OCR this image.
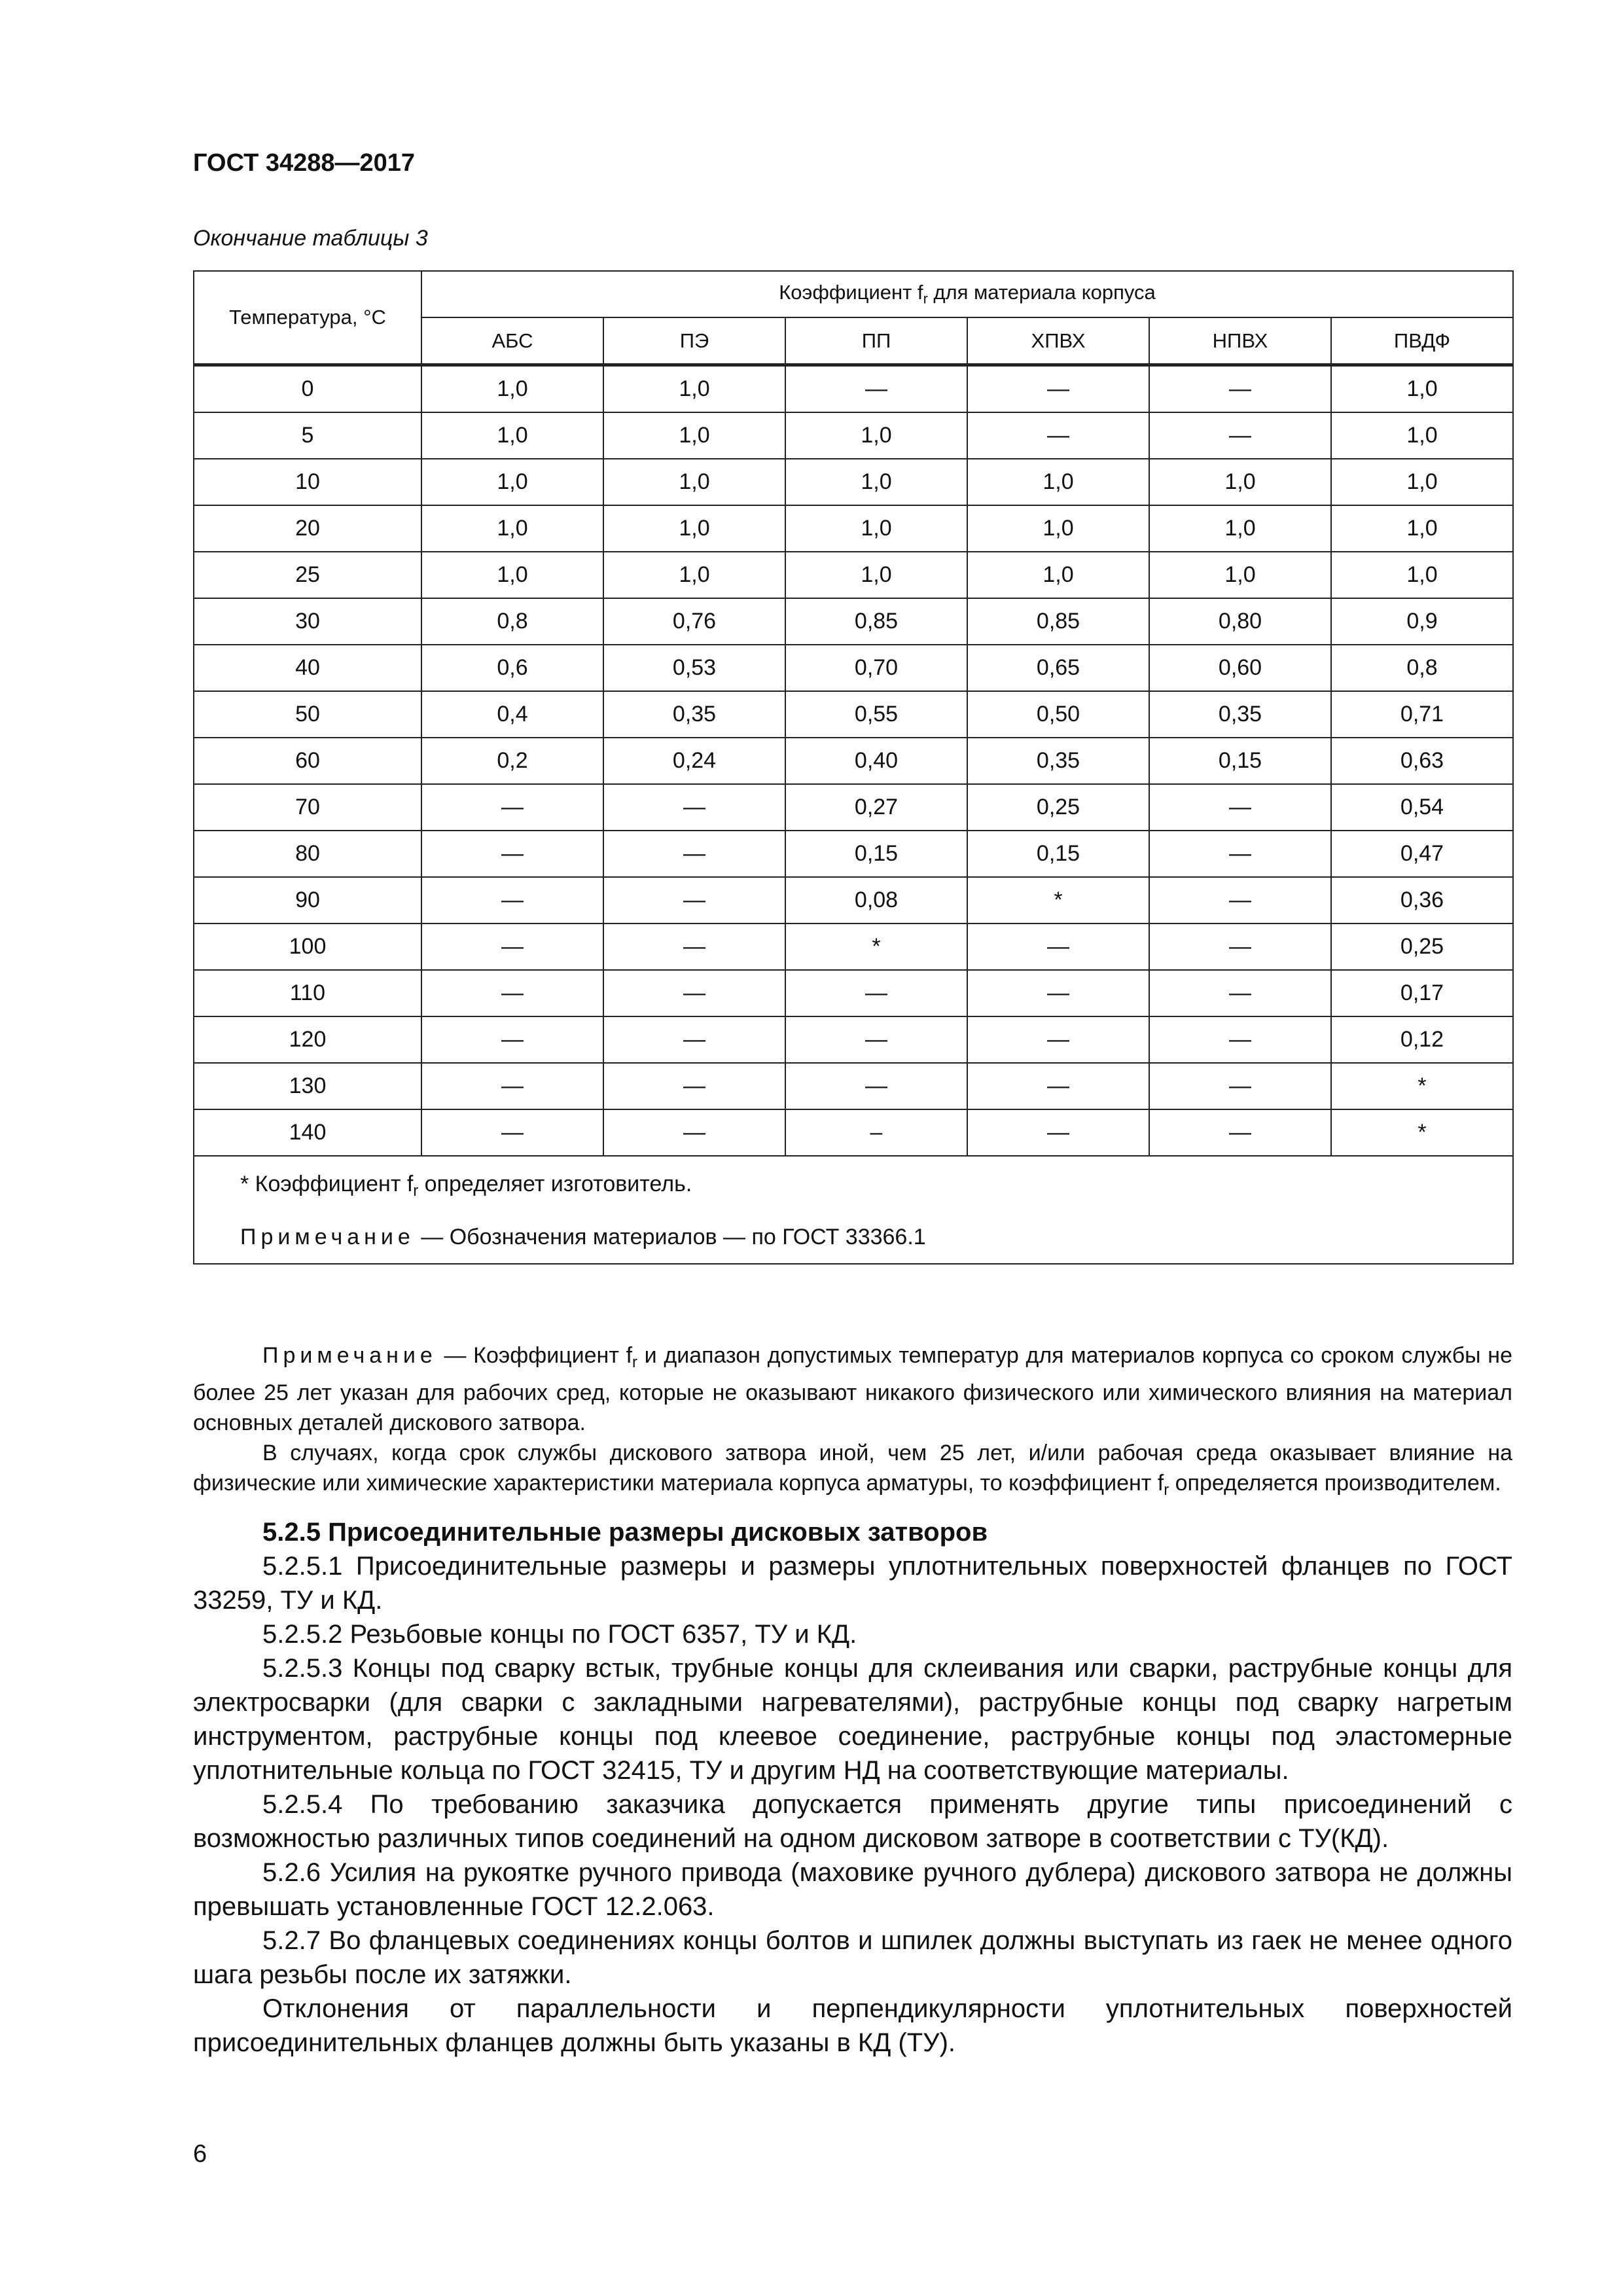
ГОСТ 34288—2017
Окончание таблицы 3
Температура, °С	Коэффициент $f_r$ для материала корпуса					
	АБС	ПЭ	ПП	ХПВХ	НПВХ	ПВДФ
0	1,0	1,0	—	—	—	1,0
5	1,0	1,0	1,0	—	—	1,0
10	1,0	1,0	1,0	1,0	1,0	1,0
20	1,0	1,0	1,0	1,0	1,0	1,0
25	1,0	1,0	1,0	1,0	1,0	1,0
30	0,8	0,76	0,85	0,85	0,80	0,9
40	0,6	0,53	0,70	0,65	0,60	0,8
50	0,4	0,35	0,55	0,50	0,35	0,71
60	0,2	0,24	0,40	0,35	0,15	0,63
70	—	—	0,27	0,25	—	0,54
80	—	—	0,15	0,15	—	0,47
90	—	—	0,08	*	—	0,36
100	—	—	*	—	—	0,25
110	—	—	—	—	—	0,17
120	—	—	—	—	—	0,12
130	—	—	—	—	—	*
140	—	—	–	—	—	*

* Коэффициент $f_r$ определяет изготовитель.
Примечание — Обозначения материалов — по ГОСТ 33366.1						

Примечание — Коэффициент $f_r$ и диапазон допустимых температур для материалов корпуса со сроком службы не более 25 лет указан для рабочих сред, которые не оказывают никакого физического или химического влияния на материал основных деталей дискового затвора.

В случаях, когда срок службы дискового затвора иной, чем 25 лет, и/или рабочая среда оказывает влияние на физические или химические характеристики материала корпуса арматуры, то коэффициент $f_r$ определяется производителем.

5.2.5 Присоединительные размеры дисковых затворов

5.2.5.1 Присоединительные размеры и размеры уплотнительных поверхностей фланцев по ГОСТ 33259, ТУ и КД.

5.2.5.2 Резьбовые концы по ГОСТ 6357, ТУ и КД.

5.2.5.3 Концы под сварку встык, трубные концы для склеивания или сварки, раструбные концы для электросварки (для сварки с закладными нагревателями), раструбные концы под сварку нагретым инструментом, раструбные концы под клеевое соединение, раструбные концы под эластомерные уплотнительные кольца по ГОСТ 32415, ТУ и другим НД на соответствующие материалы.

5.2.5.4 По требованию заказчика допускается применять другие типы присоединений с возможностью различных типов соединений на одном дисковом затворе в соответствии с ТУ(КД).

5.2.6 Усилия на рукоятке ручного привода (маховике ручного дублера) дискового затвора не должны превышать установленные ГОСТ 12.2.063.

5.2.7 Во фланцевых соединениях концы болтов и шпилек должны выступать из гаек не менее одного шага резьбы после их затяжки.

Отклонения от параллельности и перпендикулярности уплотнительных поверхностей присоединительных фланцев должны быть указаны в КД (ТУ).

6
